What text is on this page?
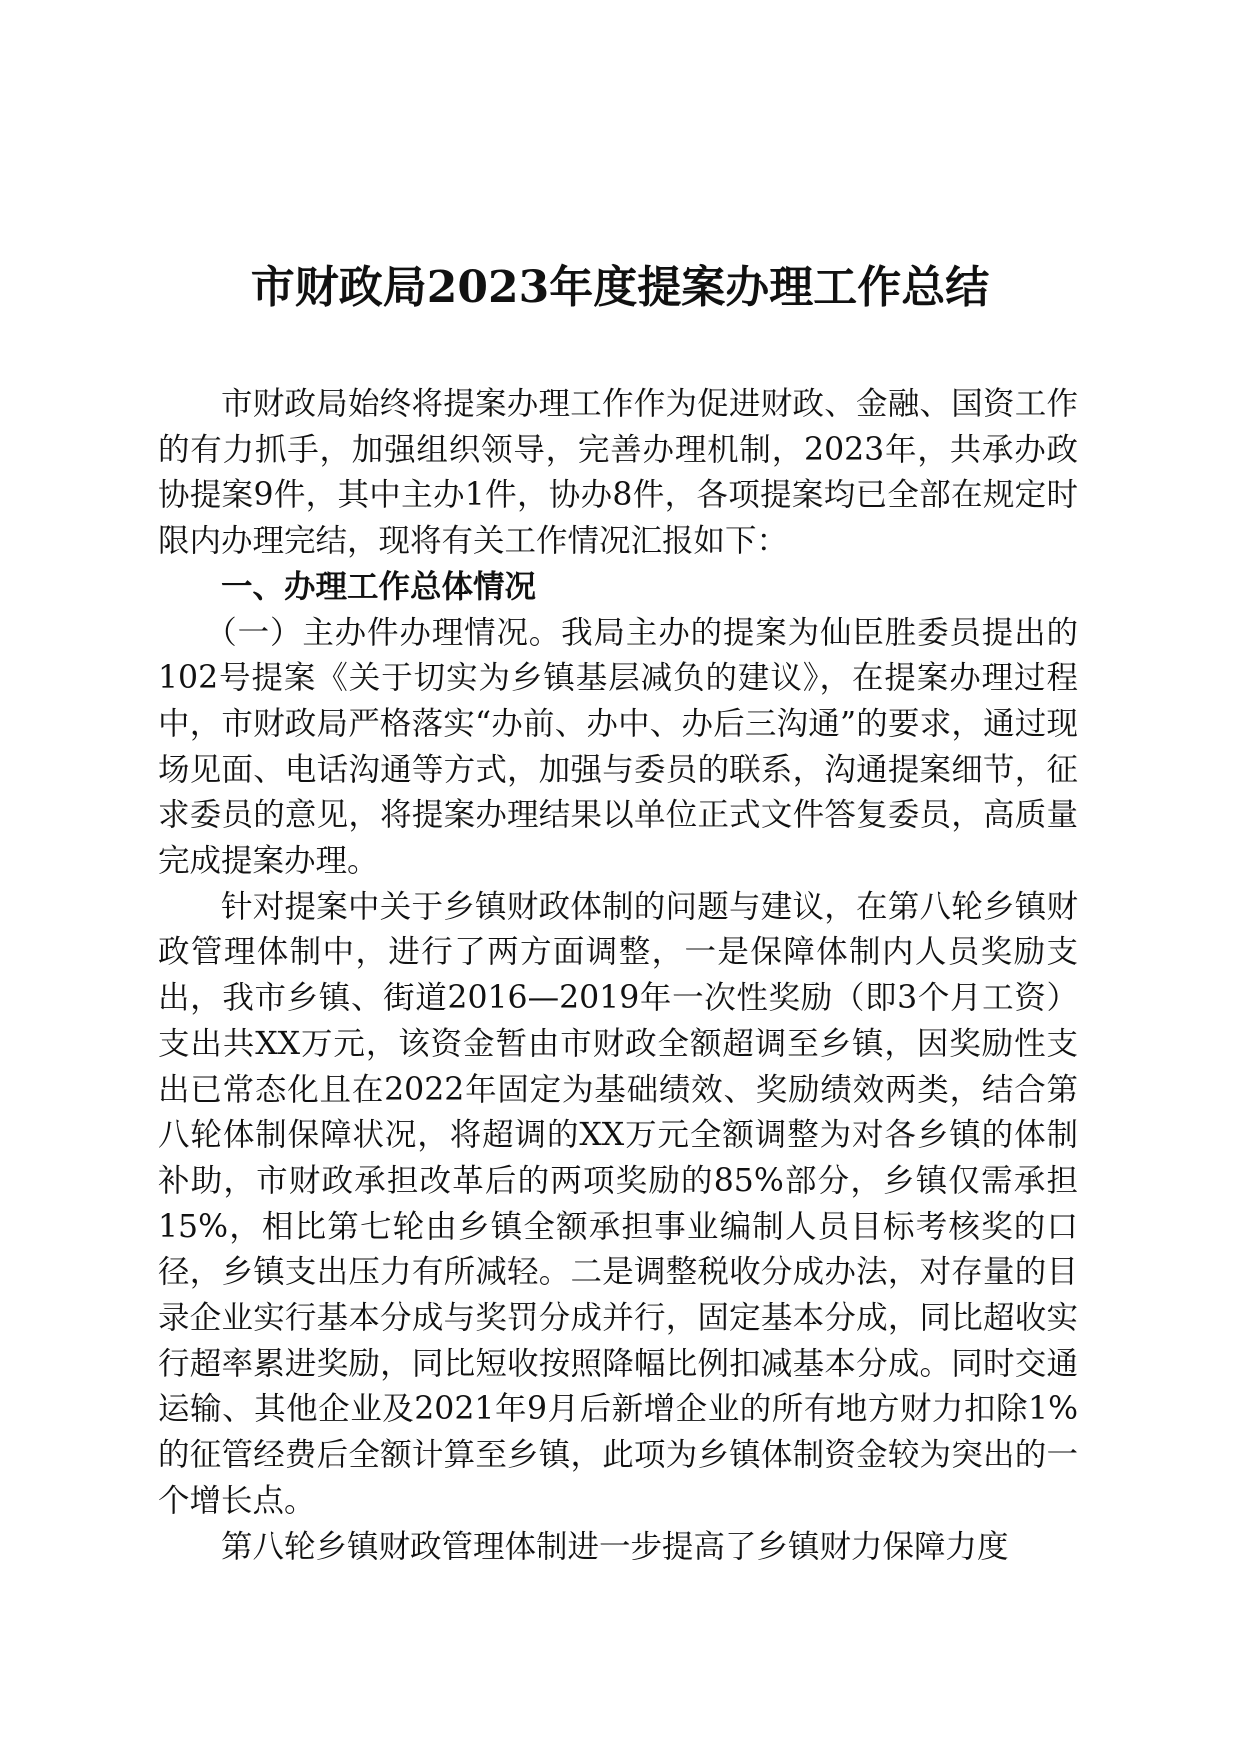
市财政局2023年度提案办理工作总结

市财政局始终将提案办理工作作为促进财政、金融、国资工作的有力抓手，加强组织领导，完善办理机制，2023年，共承办政协提案9件，其中主办1件，协办8件，各项提案均已全部在规定时限内办理完结，现将有关工作情况汇报如下：

一、办理工作总体情况

（一）主办件办理情况。我局主办的提案为仙臣胜委员提出的102号提案《关于切实为乡镇基层减负的建议》，在提案办理过程中，市财政局严格落实“办前、办中、办后三沟通”的要求，通过现场见面、电话沟通等方式，加强与委员的联系，沟通提案细节，征求委员的意见，将提案办理结果以单位正式文件答复委员，高质量完成提案办理。

针对提案中关于乡镇财政体制的问题与建议，在第八轮乡镇财政管理体制中，进行了两方面调整，一是保障体制内人员奖励支出，我市乡镇、街道2016—2019年一次性奖励（即3个月工资）支出共XX万元，该资金暂由市财政全额超调至乡镇，因奖励性支出已常态化且在2022年固定为基础绩效、奖励绩效两类，结合第八轮体制保障状况，将超调的XX万元全额调整为对各乡镇的体制补助，市财政承担改革后的两项奖励的85%部分，乡镇仅需承担15%，相比第七轮由乡镇全额承担事业编制人员目标考核奖的口径，乡镇支出压力有所减轻。二是调整税收分成办法，对存量的目录企业实行基本分成与奖罚分成并行，固定基本分成，同比超收实行超率累进奖励，同比短收按照降幅比例扣减基本分成。同时交通运输、其他企业及2021年9月后新增企业的所有地方财力扣除1%的征管经费后全额计算至乡镇，此项为乡镇体制资金较为突出的一个增长点。

第八轮乡镇财政管理体制进一步提高了乡镇财力保障力度
